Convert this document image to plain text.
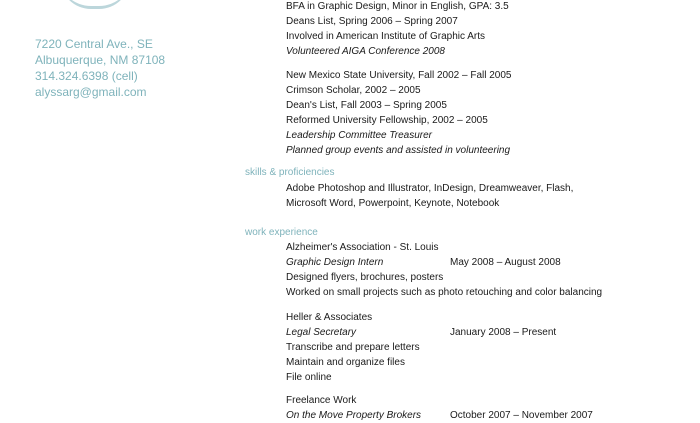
7220 Central Ave., SE
Albuquerque, NM 87108
314.324.6398 (cell)
alyssarg@gmail.com
BFA in Graphic Design, Minor in English, GPA: 3.5
Deans List, Spring 2006 – Spring 2007
Involved in American Institute of Graphic Arts
Volunteered AIGA Conference 2008
New Mexico State University, Fall 2002 – Fall 2005
Crimson Scholar, 2002 – 2005
Dean's List, Fall 2003 – Spring 2005
Reformed University Fellowship, 2002 – 2005
Leadership Committee Treasurer
Planned group events and assisted in volunteering
skills & proficiencies
Adobe Photoshop and Illustrator, InDesign, Dreamweaver, Flash,
Microsoft Word, Powerpoint, Keynote, Notebook
work experience
Alzheimer's Association - St. Louis
Graphic Design Intern	May 2008 – August 2008
Designed flyers, brochures, posters
Worked on small projects such as photo retouching and color balancing
Heller & Associates
Legal Secretary	January 2008 – Present
Transcribe and prepare letters
Maintain and organize files
File online
Freelance Work
On the Move Property Brokers	October 2007 – November 2007
